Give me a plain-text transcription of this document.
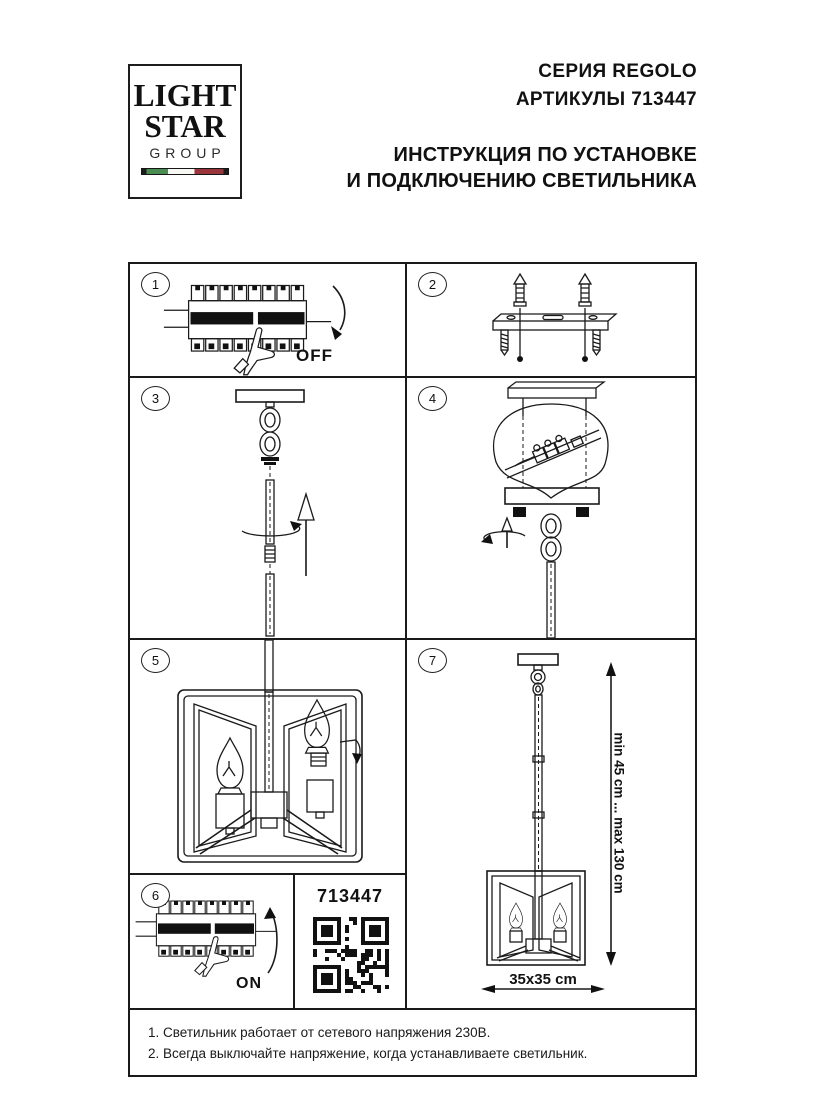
LIGHT
STAR
GROUP
СЕРИЯ REGOLO
АРТИКУЛЫ 713447
ИНСТРУКЦИЯ ПО УСТАНОВКЕ
И ПОДКЛЮЧЕНИЮ СВЕТИЛЬНИКА
1
OFF
2
3	4
5	7
min 45 cm ... max 130 cm
35x35 cm
6
ON
713447
1. Светильник работает от сетевого напряжения 230В.
2. Всегда выключайте напряжение, когда устанавливаете светильник.
